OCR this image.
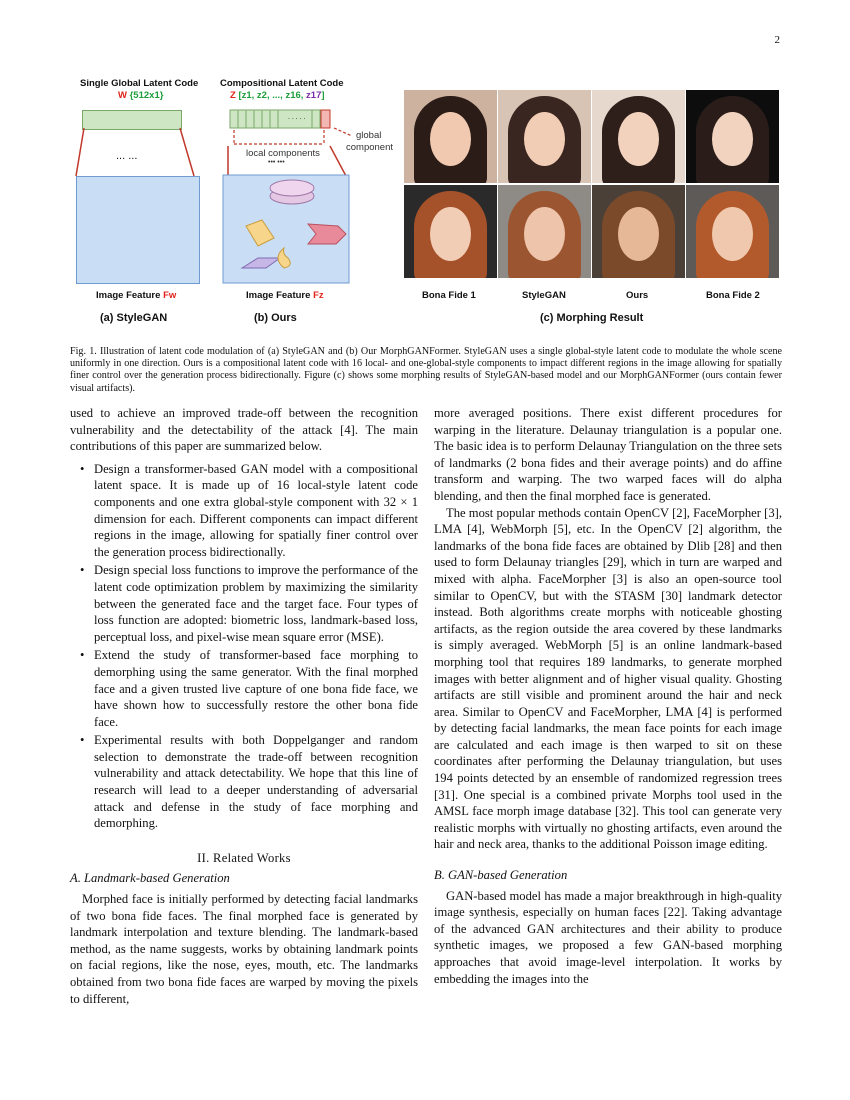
2
Single Global Latent Code
W {512x1}
... ...
Image Feature Fw
(a) StyleGAN
Compositional Latent Code
Z [z1, z2, ..., z16, z17]
. . . . .
global
component
local components
••• •••
Image Feature Fz
(b) Ours
Bona Fide 1	StyleGAN	Ours	Bona Fide 2
(c) Morphing Result
Fig. 1. Illustration of latent code modulation of (a) StyleGAN and (b) Our MorphGANFormer. StyleGAN uses a single global-style latent code to modulate the whole scene uniformly in one direction. Ours is a compositional latent code with 16 local- and one-global-style components to impact different regions in the image allowing for spatially finer control over the generation process bidirectionally. Figure (c) shows some morphing results of StyleGAN-based model and our MorphGANFormer (ours contain fewer visual artifacts).

used to achieve an improved trade-off between the recognition vulnerability and the detectability of the attack [4]. The main contributions of this paper are summarized below.

• Design a transformer-based GAN model with a compositional latent space. It is made up of 16 local-style latent code components and one extra global-style component with 32 × 1 dimension for each. Different components can impact different regions in the image, allowing for spatially finer control over the generation process bidirectionally.
• Design special loss functions to improve the performance of the latent code optimization problem by maximizing the similarity between the generated face and the target face. Four types of loss function are adopted: biometric loss, landmark-based loss, perceptual loss, and pixel-wise mean square error (MSE).
• Extend the study of transformer-based face morphing to demorphing using the same generator. With the final morphed face and a given trusted live capture of one bona fide face, we have shown how to successfully restore the other bona fide face.
• Experimental results with both Doppelganger and random selection to demonstrate the trade-off between recognition vulnerability and attack detectability. We hope that this line of research will lead to a deeper understanding of adversarial attack and defense in the study of face morphing and demorphing.
II. Related Works
A. Landmark-based Generation

Morphed face is initially performed by detecting facial landmarks of two bona fide faces. The final morphed face is generated by landmark interpolation and texture blending. The landmark-based method, as the name suggests, works by obtaining landmark points on facial regions, like the nose, eyes, mouth, etc. The landmarks obtained from two bona fide faces are warped by moving the pixels to different,

more averaged positions. There exist different procedures for warping in the literature. Delaunay triangulation is a popular one. The basic idea is to perform Delaunay Triangulation on the three sets of landmarks (2 bona fides and their average points) and do affine transform and warping. The two warped faces will do alpha blending, and then the final morphed face is generated.

The most popular methods contain OpenCV [2], FaceMorpher [3], LMA [4], WebMorph [5], etc. In the OpenCV [2] algorithm, the landmarks of the bona fide faces are obtained by Dlib [28] and then used to form Delaunay triangles [29], which in turn are warped and mixed with alpha. FaceMorpher [3] is also an open-source tool similar to OpenCV, but with the STASM [30] landmark detector instead. Both algorithms create morphs with noticeable ghosting artifacts, as the region outside the area covered by these landmarks is simply averaged. WebMorph [5] is an online landmark-based morphing tool that requires 189 landmarks, to generate morphed images with better alignment and of higher visual quality. Ghosting artifacts are still visible and prominent around the hair and neck area. Similar to OpenCV and FaceMorpher, LMA [4] is performed by detecting facial landmarks, the mean face points for each image are calculated and each image is then warped to sit on these coordinates after performing the Delaunay triangulation, but uses 194 points detected by an ensemble of randomized regression trees [31]. One special is a combined private Morphs tool used in the AMSL face morph image database [32]. This tool can generate very realistic morphs with virtually no ghosting artifacts, even around the hair and neck area, thanks to the additional Poisson image editing.

B. GAN-based Generation

GAN-based model has made a major breakthrough in high-quality image synthesis, especially on human faces [22]. Taking advantage of the advanced GAN architectures and their ability to produce synthetic images, we proposed a few GAN-based morphing approaches that avoid image-level interpolation. It works by embedding the images into the
